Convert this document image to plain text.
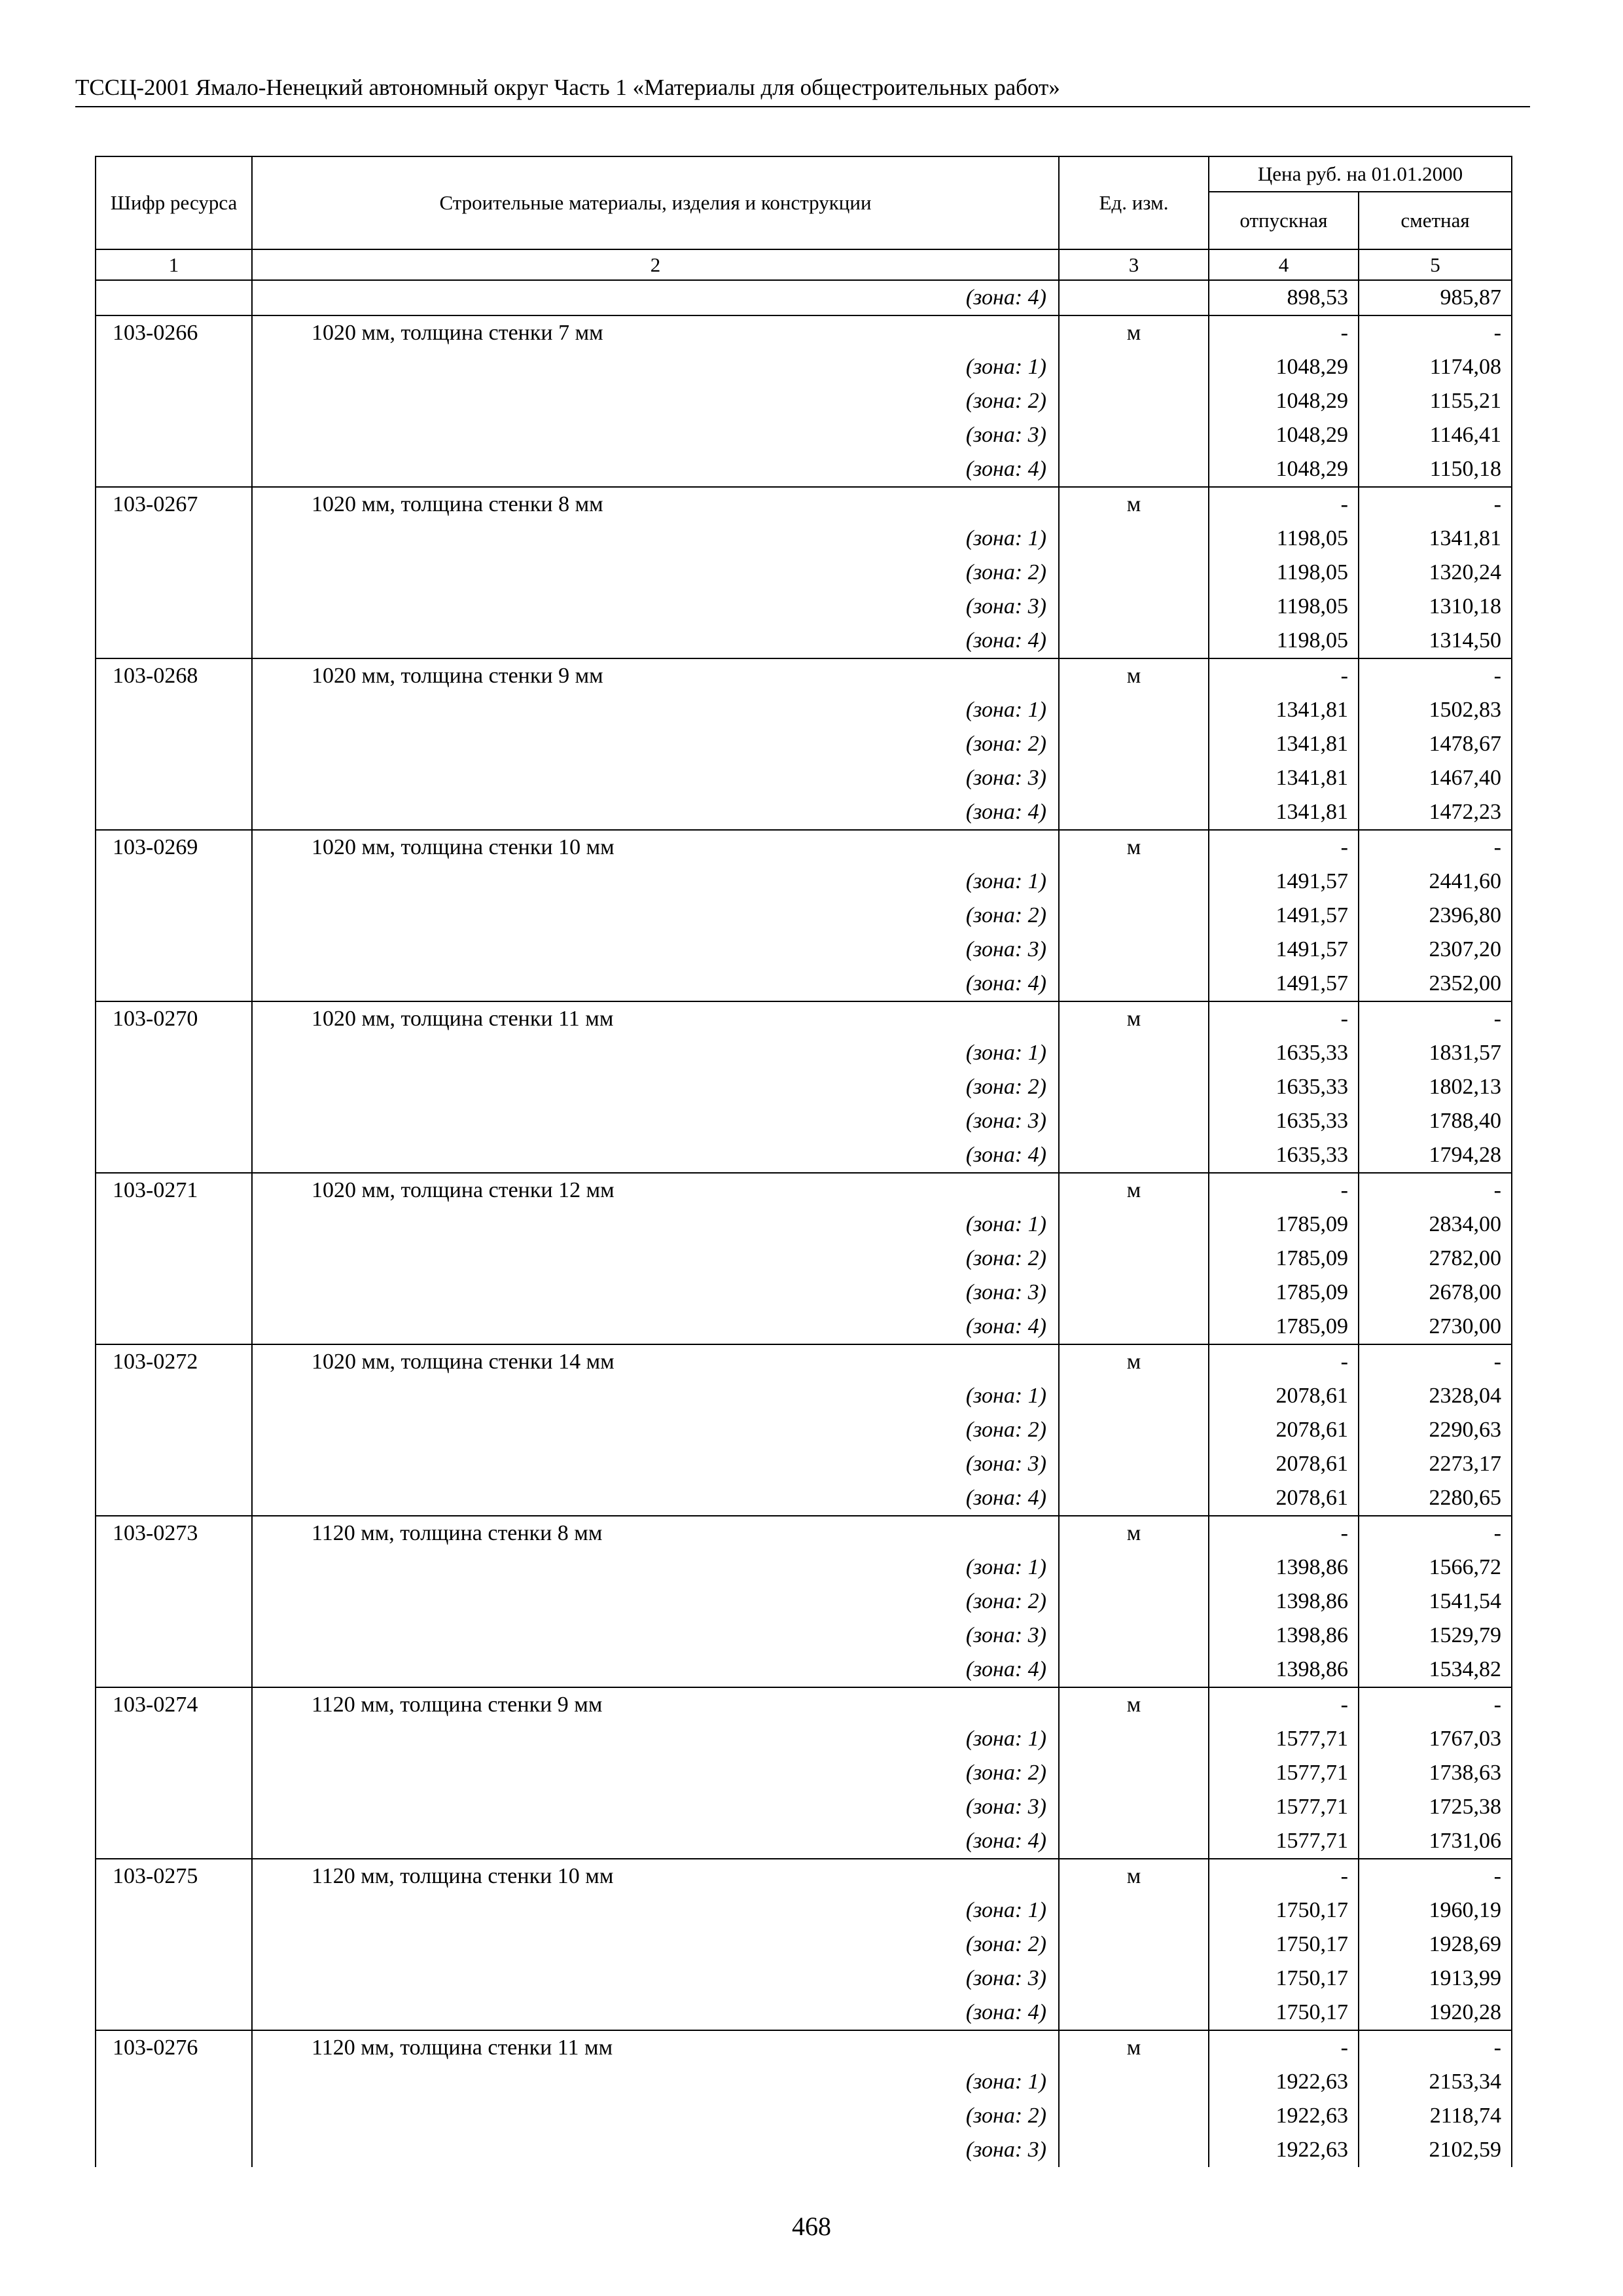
ТССЦ-2001 Ямало-Ненецкий автономный округ Часть 1 «Материалы для общестроительных работ»
Шифр ресурса	Строительные материалы, изделия и конструкции	Ед. изм.	Цена руб. на 01.01.2000	
			отпускная	сметная
1	2	3	4	5
	(зона: 4)		898,53	985,87
103-0266	1020 мм, толщина стенки 7 мм	м	-	-
	(зона: 1)		1048,29	1174,08
	(зона: 2)		1048,29	1155,21
	(зона: 3)		1048,29	1146,41
	(зона: 4)		1048,29	1150,18
103-0267	1020 мм, толщина стенки 8 мм	м	-	-
	(зона: 1)		1198,05	1341,81
	(зона: 2)		1198,05	1320,24
	(зона: 3)		1198,05	1310,18
	(зона: 4)		1198,05	1314,50
103-0268	1020 мм, толщина стенки 9 мм	м	-	-
	(зона: 1)		1341,81	1502,83
	(зона: 2)		1341,81	1478,67
	(зона: 3)		1341,81	1467,40
	(зона: 4)		1341,81	1472,23
103-0269	1020 мм, толщина стенки 10 мм	м	-	-
	(зона: 1)		1491,57	2441,60
	(зона: 2)		1491,57	2396,80
	(зона: 3)		1491,57	2307,20
	(зона: 4)		1491,57	2352,00
103-0270	1020 мм, толщина стенки 11 мм	м	-	-
	(зона: 1)		1635,33	1831,57
	(зона: 2)		1635,33	1802,13
	(зона: 3)		1635,33	1788,40
	(зона: 4)		1635,33	1794,28
103-0271	1020 мм, толщина стенки 12 мм	м	-	-
	(зона: 1)		1785,09	2834,00
	(зона: 2)		1785,09	2782,00
	(зона: 3)		1785,09	2678,00
	(зона: 4)		1785,09	2730,00
103-0272	1020 мм, толщина стенки 14 мм	м	-	-
	(зона: 1)		2078,61	2328,04
	(зона: 2)		2078,61	2290,63
	(зона: 3)		2078,61	2273,17
	(зона: 4)		2078,61	2280,65
103-0273	1120 мм, толщина стенки 8 мм	м	-	-
	(зона: 1)		1398,86	1566,72
	(зона: 2)		1398,86	1541,54
	(зона: 3)		1398,86	1529,79
	(зона: 4)		1398,86	1534,82
103-0274	1120 мм, толщина стенки 9 мм	м	-	-
	(зона: 1)		1577,71	1767,03
	(зона: 2)		1577,71	1738,63
	(зона: 3)		1577,71	1725,38
	(зона: 4)		1577,71	1731,06
103-0275	1120 мм, толщина стенки 10 мм	м	-	-
	(зона: 1)		1750,17	1960,19
	(зона: 2)		1750,17	1928,69
	(зона: 3)		1750,17	1913,99
	(зона: 4)		1750,17	1920,28
103-0276	1120 мм, толщина стенки 11 мм	м	-	-
	(зона: 1)		1922,63	2153,34
	(зона: 2)		1922,63	2118,74
	(зона: 3)		1922,63	2102,59
468
